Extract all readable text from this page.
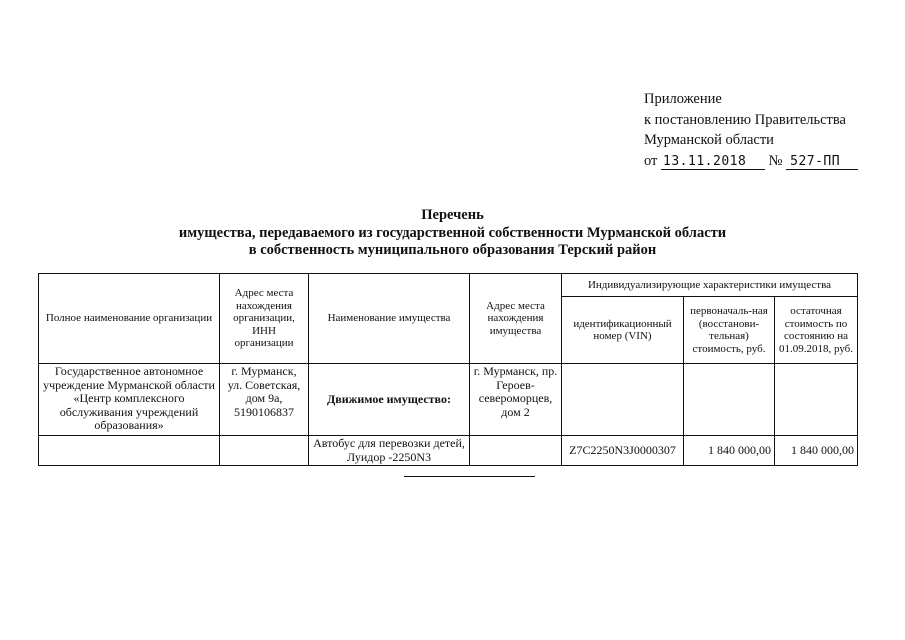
Приложение
к постановлению Правительства
Мурманской области
от 13.11.2018 № 527-ПП
Перечень
имущества, передаваемого из государственной собственности Мурманской области
в собственность муниципального образования Терский район
Полное наименование организации	Адрес места нахождения организации, ИНН организации	Наименование имущества	Адрес места нахождения имущества	Индивидуализирующие характеристики имущества		
				идентификационный номер (VIN)	первоначаль-ная (восстанови-тельная) стоимость, руб.	остаточная стоимость по состоянию на 01.09.2018, руб.
Государственное автономное учреждение Мурманской области «Центр комплексного обслуживания учреждений образования»	г. Мурманск, ул. Советская, дом 9а, 5190106837	Движимое имущество:	г. Мурманск, пр. Героев-североморцев, дом 2			
		Автобус для перевозки детей, Луидор -2250N3		Z7C2250N3J0000307	1 840 000,00	1 840 000,00
